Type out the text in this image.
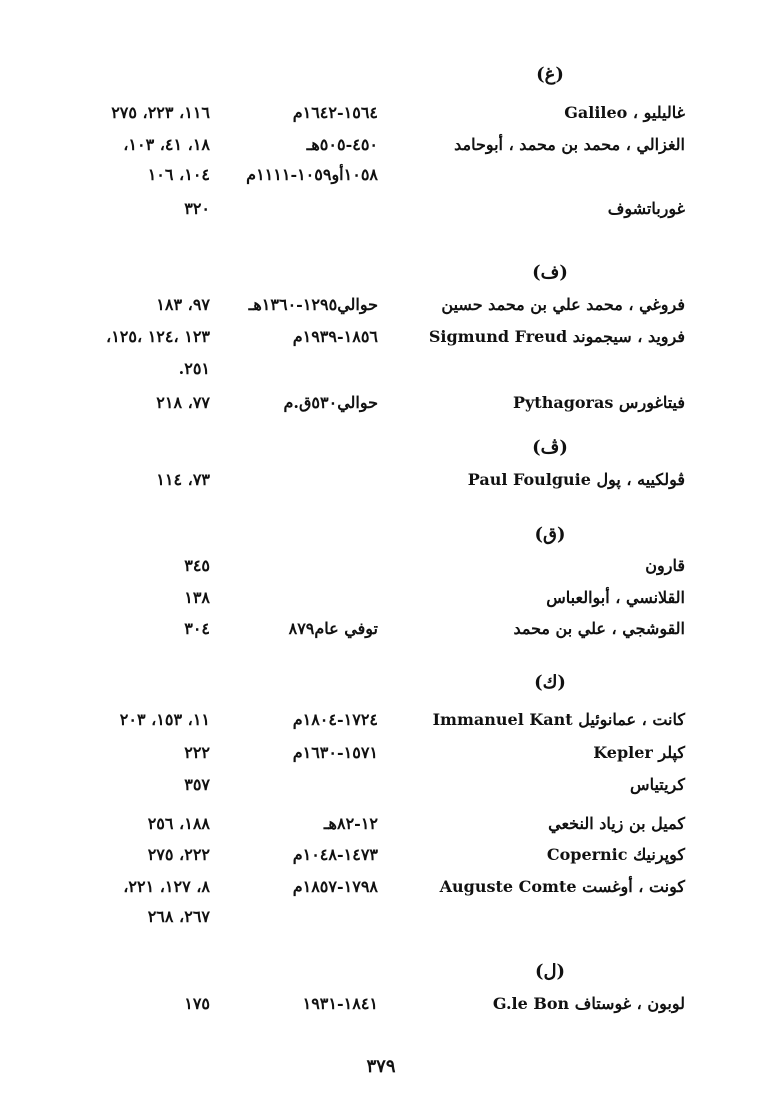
(غ)
غاليليو ، Galileo
١٥٦٤-١٦٤٢م
١١٦، ٢٢٣، ٢٧٥
الغزالي ، محمد بن محمد ، أبوحامد
٤٥٠-٥٠٥هـ
١٨، ٤١، ١٠٣،
١٠٥٨أو١٠٥٩-١١١١م
١٠٤، ١٠٦
غورباتشوف
٣٢٠
(ف)
فروغي ، محمد علي بن محمد حسين
حوالي١٢٩٥-١٣٦٠هـ
٩٧، ١٨٣
فرويد ، سيجموند Sigmund Freud
١٨٥٦-١٩٣٩م
١٢٣ ،١٢٤ ،١٢٥،
٢٥١.
فيتاغورس Pythagoras
حوالي٥٣٠ق.م
٧٧، ٢١٨
(ڤ)
ڤولكييه ، پول Paul Foulguie
٧٣، ١١٤
(ق)
قارون
٣٤٥
القلانسي ، أبوالعباس
١٣٨
القوشجي ، علي بن محمد
توفي عام٨٧٩
٣٠٤
(ك)
كانت ، عمانوئيل Immanuel Kant
١٧٢٤-١٨٠٤م
١١، ١٥٣، ٢٠٣
كپلر Kepler
١٥٧١-١٦٣٠م
٢٢٢
كريتياس
٣٥٧
كميل بن زياد النخعي
١٢-٨٢هـ
١٨٨، ٢٥٦
كوپرنيك Copernic
١٤٧٣-١٠٤٨م
٢٢٢، ٢٧٥
كونت ، أوغست Auguste Comte
١٧٩٨-١٨٥٧م
٨، ١٢٧، ٢٢١،
٢٦٧، ٢٦٨
(ل)
لوبون ، غوستاف G.le Bon
١٨٤١-١٩٣١
١٧٥
٣٧٩
